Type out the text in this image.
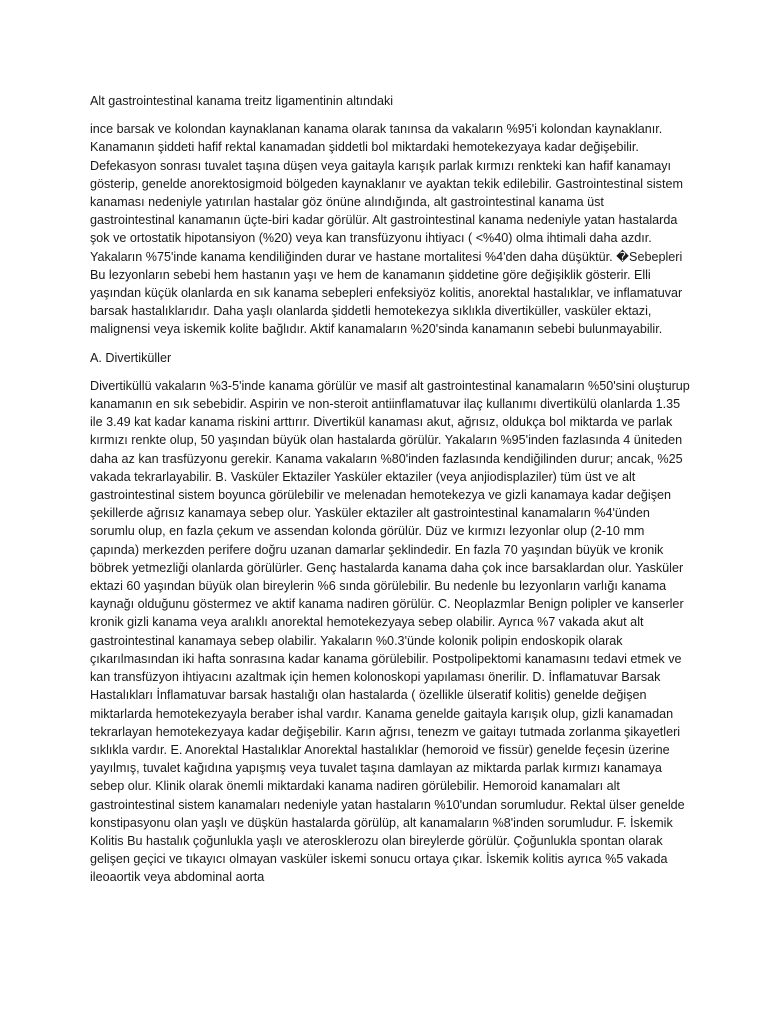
Alt gastrointestinal kanama treitz ligamentinin altındaki

ince barsak ve kolondan kaynaklanan kanama olarak tanınsa da vakaların %95'i kolondan kaynaklanır. Kanamanın şiddeti hafif rektal kanamadan şiddetli bol miktardaki hemotekezyaya kadar değişebilir. Defekasyon sonrası tuvalet taşına düşen veya gaitayla karışık parlak kırmızı renkteki kan hafif kanamayı gösterip, genelde anorektosigmoid bölgeden kaynaklanır ve ayaktan tekik edilebilir. Gastrointestinal sistem kanaması nedeniyle yatırılan hastalar göz önüne alındığında, alt gastrointestinal kanama üst gastrointestinal kanamanın üçte-biri kadar görülür. Alt gastrointestinal kanama nedeniyle yatan hastalarda şok ve ortostatik hipotansiyon (%20) veya kan transfüzyonu ihtiyacı ( <%40) olma ihtimali daha azdır. Yakaların %75'inde kanama kendiliğinden durar ve hastane mortalitesi %4'den daha düşüktür. �Sebepleri Bu lezyonların sebebi hem hastanın yaşı ve hem de kanamanın şiddetine göre değişiklik gösterir. Elli yaşından küçük olanlarda en sık kanama sebepleri enfeksiyöz kolitis, anorektal hastalıklar, ve inflamatuvar barsak hastalıklarıdır. Daha yaşlı olanlarda şiddetli hemotekezya sıklıkla divertiküller, vasküler ektazi, malignensi veya iskemik kolite bağlıdır. Aktif kanamaların %20'sinda kanamanın sebebi bulunmayabilir.

A. Divertiküller

Divertiküllü vakaların %3-5'inde kanama görülür ve masif alt gastrointestinal kanamaların %50'sini oluşturup kanamanın en sık sebebidir. Aspirin ve non-steroit antiinflamatuvar ilaç kullanımı divertikülü olanlarda 1.35 ile 3.49 kat kadar kanama riskini arttırır. Divertikül kanaması akut, ağrısız, oldukça bol miktarda ve parlak kırmızı renkte olup, 50 yaşından büyük olan hastalarda görülür. Yakaların %95'inden fazlasında 4 üniteden daha az kan trasfüzyonu gerekir. Kanama vakaların %80'inden fazlasında kendiğilinden durur; ancak, %25 vakada tekrarlayabilir. B. Vasküler Ektaziler Yasküler ektaziler (veya anjiodisplaziler) tüm üst ve alt gastrointestinal sistem boyunca görülebilir ve melenadan hemotekezya ve gizli kanamaya kadar değişen şekillerde ağrısız kanamaya sebep olur. Yasküler ektaziler alt gastrointestinal kanamaların %4'ünden sorumlu olup, en fazla çekum ve assendan kolonda görülür. Düz ve kırmızı lezyonlar olup (2-10 mm çapında) merkezden perifere doğru uzanan damarlar şeklindedir. En fazla 70 yaşından büyük ve kronik böbrek yetmezliği olanlarda görülürler. Genç hastalarda kanama daha çok ince barsaklardan olur. Yasküler ektazi 60 yaşından büyük olan bireylerin %6 sında görülebilir. Bu nedenle bu lezyonların varlığı kanama kaynağı olduğunu göstermez ve aktif kanama nadiren görülür. C. Neoplazmlar Benign polipler ve kanserler kronik gizli kanama veya aralıklı anorektal hemotekezyaya sebep olabilir. Ayrıca %7 vakada akut alt gastrointestinal kanamaya sebep olabilir. Yakaların %0.3'ünde kolonik polipin endoskopik olarak çıkarılmasından iki hafta sonrasına kadar kanama görülebilir. Postpolipektomi kanamasını tedavi etmek ve kan transfüzyon ihtiyacını azaltmak için hemen kolonoskopi yapılaması önerilir. D. İnflamatuvar Barsak Hastalıkları İnflamatuvar barsak hastalığı olan hastalarda ( özellikle ülseratif kolitis) genelde değişen miktarlarda hemotekezyayla beraber ishal vardır. Kanama genelde gaitayla karışık olup, gizli kanamadan tekrarlayan hemotekezyaya kadar değişebilir. Karın ağrısı, tenezm ve gaitayı tutmada zorlanma şikayetleri sıklıkla vardır. E. Anorektal Hastalıklar Anorektal hastalıklar (hemoroid ve fissür) genelde feçesin üzerine yayılmış, tuvalet kağıdına yapışmış veya tuvalet taşına damlayan az miktarda parlak kırmızı kanamaya sebep olur. Klinik olarak önemli miktardaki kanama nadiren görülebilir. Hemoroid kanamaları alt gastrointestinal sistem kanamaları nedeniyle yatan hastaların %10'undan sorumludur. Rektal ülser genelde konstipasyonu olan yaşlı ve düşkün hastalarda görülüp, alt kanamaların %8'inden sorumludur. F. İskemik Kolitis Bu hastalık çoğunlukla yaşlı ve aterosklerozu olan bireylerde görülür. Çoğunlukla spontan olarak gelişen geçici ve tıkayıcı olmayan vasküler iskemi sonucu ortaya çıkar. İskemik kolitis ayrıca %5 vakada ileoaortik veya abdominal aorta
